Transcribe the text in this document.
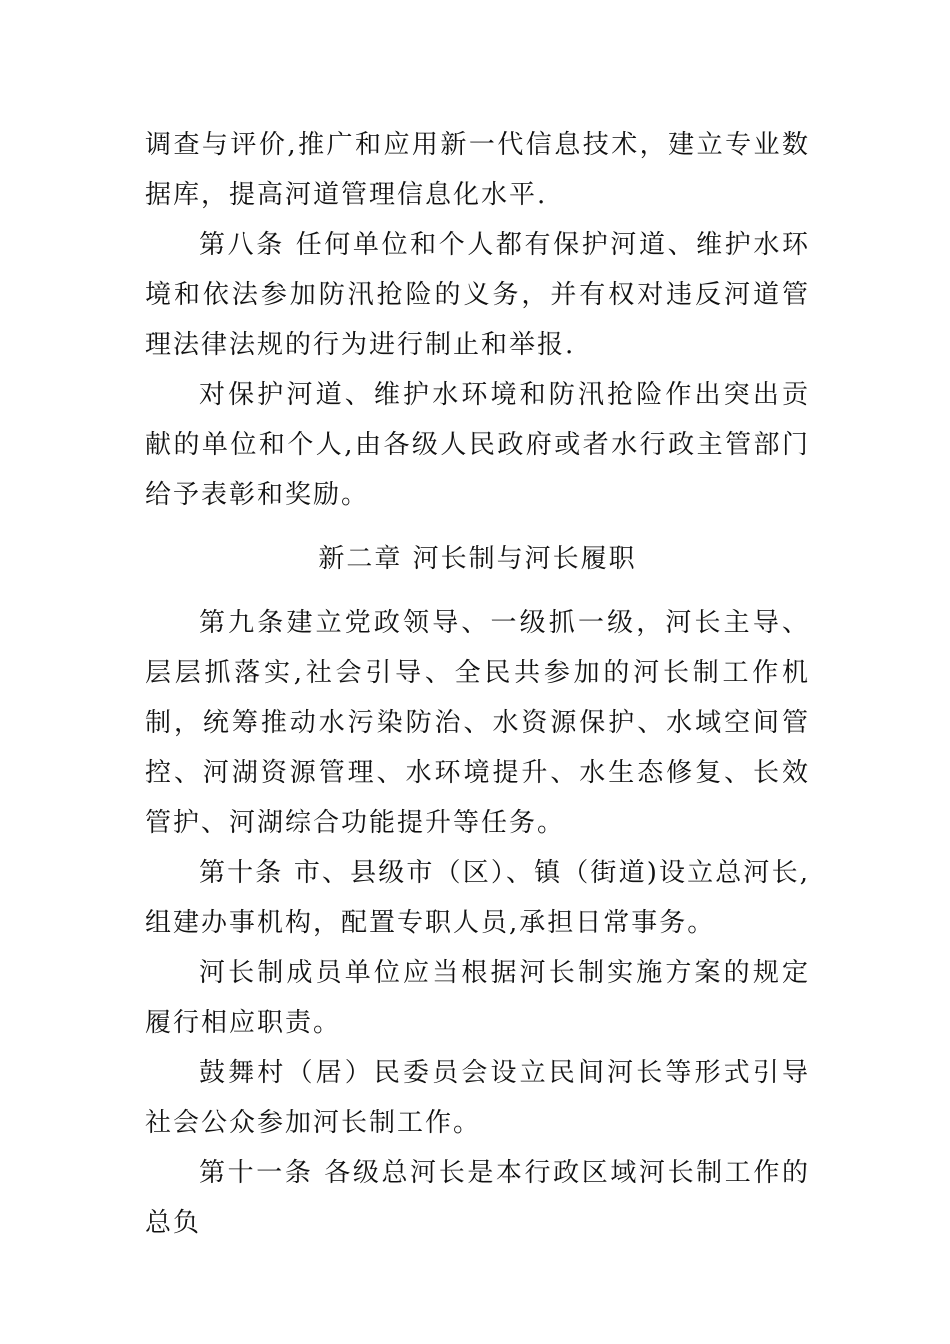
调查与评价,推广和应用新一代信息技术，建立专业数据库，提高河道管理信息化水平.

第八条 任何单位和个人都有保护河道、维护水环境和依法参加防汛抢险的义务，并有权对违反河道管理法律法规的行为进行制止和举报.

对保护河道、维护水环境和防汛抢险作出突出贡献的单位和个人,由各级人民政府或者水行政主管部门给予表彰和奖励。

新二章 河长制与河长履职

第九条建立党政领导、一级抓一级，河长主导、层层抓落实,社会引导、全民共参加的河长制工作机制，统筹推动水污染防治、水资源保护、水域空间管控、河湖资源管理、水环境提升、水生态修复、长效管护、河湖综合功能提升等任务。

第十条 市、县级市（区）、镇（街道)设立总河长,组建办事机构，配置专职人员,承担日常事务。

河长制成员单位应当根据河长制实施方案的规定履行相应职责。

鼓舞村（居）民委员会设立民间河长等形式引导社会公众参加河长制工作。

第十一条 各级总河长是本行政区域河长制工作的总负
